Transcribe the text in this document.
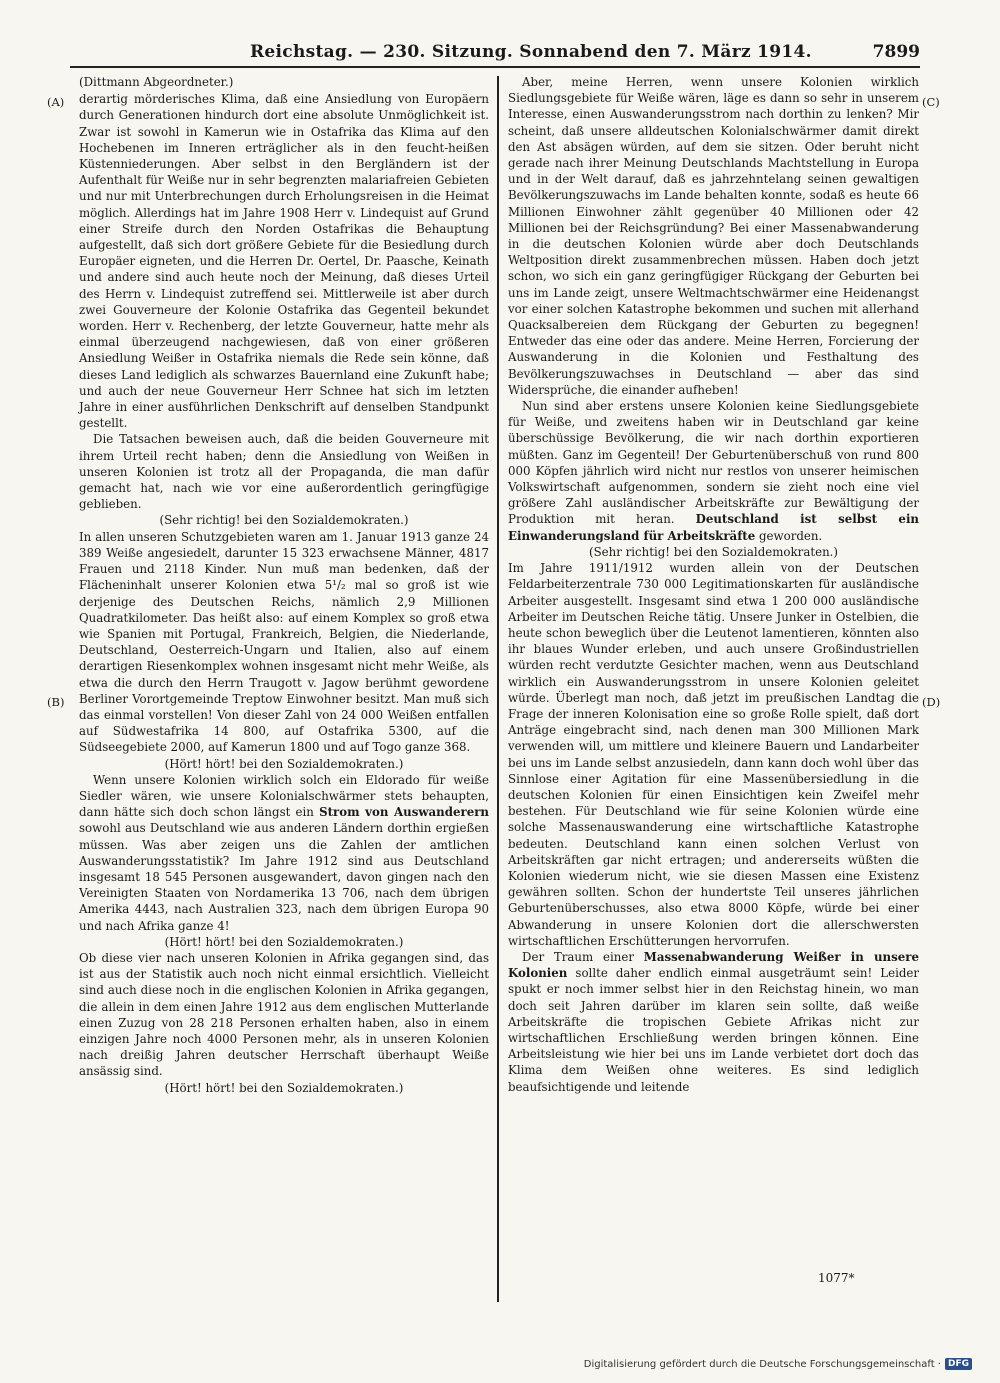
Reichstag. — 230. Sitzung. Sonnabend den 7. März 1914.	7899
(A)
(B)
(C)
(D)

(Dittmann Abgeordneter.)

derartig mörderisches Klima, daß eine Ansiedlung von Europäern durch Generationen hindurch dort eine absolute Unmöglichkeit ist. Zwar ist sowohl in Kamerun wie in Ostafrika das Klima auf den Hochebenen im Inneren erträglicher als in den feucht-heißen Küstenniederungen. Aber selbst in den Bergländern ist der Aufenthalt für Weiße nur in sehr begrenzten malariafreien Gebieten und nur mit Unterbrechungen durch Erholungsreisen in die Heimat möglich. Allerdings hat im Jahre 1908 Herr v. Lindequist auf Grund einer Streife durch den Norden Ostafrikas die Behauptung aufgestellt, daß sich dort größere Gebiete für die Besiedlung durch Europäer eigneten, und die Herren Dr. Oertel, Dr. Paasche, Keinath und andere sind auch heute noch der Meinung, daß dieses Urteil des Herrn v. Lindequist zutreffend sei. Mittlerweile ist aber durch zwei Gouverneure der Kolonie Ostafrika das Gegenteil bekundet worden. Herr v. Rechenberg, der letzte Gouverneur, hatte mehr als einmal überzeugend nachgewiesen, daß von einer größeren Ansiedlung Weißer in Ostafrika niemals die Rede sein könne, daß dieses Land lediglich als schwarzes Bauernland eine Zukunft habe; und auch der neue Gouverneur Herr Schnee hat sich im letzten Jahre in einer ausführlichen Denkschrift auf denselben Standpunkt gestellt.

Die Tatsachen beweisen auch, daß die beiden Gouverneure mit ihrem Urteil recht haben; denn die Ansiedlung von Weißen in unseren Kolonien ist trotz all der Propaganda, die man dafür gemacht hat, nach wie vor eine außerordentlich geringfügige geblieben.

(Sehr richtig! bei den Sozialdemokraten.)

In allen unseren Schutzgebieten waren am 1. Januar 1913 ganze 24 389 Weiße angesiedelt, darunter 15 323 erwachsene Männer, 4817 Frauen und 2118 Kinder. Nun muß man bedenken, daß der Flächeninhalt unserer Kolonien etwa 5¹/₂ mal so groß ist wie derjenige des Deutschen Reichs, nämlich 2,9 Millionen Quadratkilometer. Das heißt also: auf einem Komplex so groß etwa wie Spanien mit Portugal, Frankreich, Belgien, die Niederlande, Deutschland, Oesterreich-Ungarn und Italien, also auf einem derartigen Riesenkomplex wohnen insgesamt nicht mehr Weiße, als etwa die durch den Herrn Traugott v. Jagow berühmt gewordene Berliner Vorortgemeinde Treptow Einwohner besitzt. Man muß sich das einmal vorstellen! Von dieser Zahl von 24 000 Weißen entfallen auf Südwestafrika 14 800, auf Ostafrika 5300, auf die Südseegebiete 2000, auf Kamerun 1800 und auf Togo ganze 368.

(Hört! hört! bei den Sozialdemokraten.)

Wenn unsere Kolonien wirklich solch ein Eldorado für weiße Siedler wären, wie unsere Kolonialschwärmer stets behaupten, dann hätte sich doch schon längst ein Strom von Auswanderern sowohl aus Deutschland wie aus anderen Ländern dorthin ergießen müssen. Was aber zeigen uns die Zahlen der amtlichen Auswanderungsstatistik? Im Jahre 1912 sind aus Deutschland insgesamt 18 545 Personen ausgewandert, davon gingen nach den Vereinigten Staaten von Nordamerika 13 706, nach dem übrigen Amerika 4443, nach Australien 323, nach dem übrigen Europa 90 und nach Afrika ganze 4!

(Hört! hört! bei den Sozialdemokraten.)

Ob diese vier nach unseren Kolonien in Afrika gegangen sind, das ist aus der Statistik auch noch nicht einmal ersichtlich. Vielleicht sind auch diese noch in die englischen Kolonien in Afrika gegangen, die allein in dem einen Jahre 1912 aus dem englischen Mutterlande einen Zuzug von 28 218 Personen erhalten haben, also in einem einzigen Jahre noch 4000 Personen mehr, als in unseren Kolonien nach dreißig Jahren deutscher Herrschaft überhaupt Weiße ansässig sind.

(Hört! hört! bei den Sozialdemokraten.)

Aber, meine Herren, wenn unsere Kolonien wirklich Siedlungsgebiete für Weiße wären, läge es dann so sehr in unserem Interesse, einen Auswanderungsstrom nach dorthin zu lenken? Mir scheint, daß unsere alldeutschen Kolonialschwärmer damit direkt den Ast absägen würden, auf dem sie sitzen. Oder beruht nicht gerade nach ihrer Meinung Deutschlands Machtstellung in Europa und in der Welt darauf, daß es jahrzehntelang seinen gewaltigen Bevölkerungszuwachs im Lande behalten konnte, sodaß es heute 66 Millionen Einwohner zählt gegenüber 40 Millionen oder 42 Millionen bei der Reichsgründung? Bei einer Massenabwanderung in die deutschen Kolonien würde aber doch Deutschlands Weltposition direkt zusammenbrechen müssen. Haben doch jetzt schon, wo sich ein ganz geringfügiger Rückgang der Geburten bei uns im Lande zeigt, unsere Weltmachtschwärmer eine Heidenangst vor einer solchen Katastrophe bekommen und suchen mit allerhand Quacksalbereien dem Rückgang der Geburten zu begegnen! Entweder das eine oder das andere. Meine Herren, Forcierung der Auswanderung in die Kolonien und Festhaltung des Bevölkerungszuwachses in Deutschland — aber das sind Widersprüche, die einander aufheben!

Nun sind aber erstens unsere Kolonien keine Siedlungsgebiete für Weiße, und zweitens haben wir in Deutschland gar keine überschüssige Bevölkerung, die wir nach dorthin exportieren müßten. Ganz im Gegenteil! Der Geburtenüberschuß von rund 800 000 Köpfen jährlich wird nicht nur restlos von unserer heimischen Volkswirtschaft aufgenommen, sondern sie zieht noch eine viel größere Zahl ausländischer Arbeitskräfte zur Bewältigung der Produktion mit heran. Deutschland ist selbst ein Einwanderungsland für Arbeitskräfte geworden.

(Sehr richtig! bei den Sozialdemokraten.)

Im Jahre 1911/1912 wurden allein von der Deutschen Feldarbeiterzentrale 730 000 Legitimationskarten für ausländische Arbeiter ausgestellt. Insgesamt sind etwa 1 200 000 ausländische Arbeiter im Deutschen Reiche tätig. Unsere Junker in Ostelbien, die heute schon beweglich über die Leutenot lamentieren, könnten also ihr blaues Wunder erleben, und auch unsere Großindustriellen würden recht verdutzte Gesichter machen, wenn aus Deutschland wirklich ein Auswanderungsstrom in unsere Kolonien geleitet würde. Überlegt man noch, daß jetzt im preußischen Landtag die Frage der inneren Kolonisation eine so große Rolle spielt, daß dort Anträge eingebracht sind, nach denen man 300 Millionen Mark verwenden will, um mittlere und kleinere Bauern und Landarbeiter bei uns im Lande selbst anzusiedeln, dann kann doch wohl über das Sinnlose einer Agitation für eine Massenübersiedlung in die deutschen Kolonien für einen Einsichtigen kein Zweifel mehr bestehen. Für Deutschland wie für seine Kolonien würde eine solche Massenauswanderung eine wirtschaftliche Katastrophe bedeuten. Deutschland kann einen solchen Verlust von Arbeitskräften gar nicht ertragen; und andererseits wüßten die Kolonien wiederum nicht, wie sie diesen Massen eine Existenz gewähren sollten. Schon der hundertste Teil unseres jährlichen Geburtenüberschusses, also etwa 8000 Köpfe, würde bei einer Abwanderung in unsere Kolonien dort die allerschwersten wirtschaftlichen Erschütterungen hervorrufen.

Der Traum einer Massenabwanderung Weißer in unsere Kolonien sollte daher endlich einmal ausgeträumt sein! Leider spukt er noch immer selbst hier in den Reichstag hinein, wo man doch seit Jahren darüber im klaren sein sollte, daß weiße Arbeitskräfte die tropischen Gebiete Afrikas nicht zur wirtschaftlichen Erschließung werden bringen können. Eine Arbeitsleistung wie hier bei uns im Lande verbietet dort doch das Klima dem Weißen ohne weiteres. Es sind lediglich beaufsichtigende und leitende

1077*
Digitalisierung gefördert durch die Deutsche Forschungsgemeinschaft · DFG
